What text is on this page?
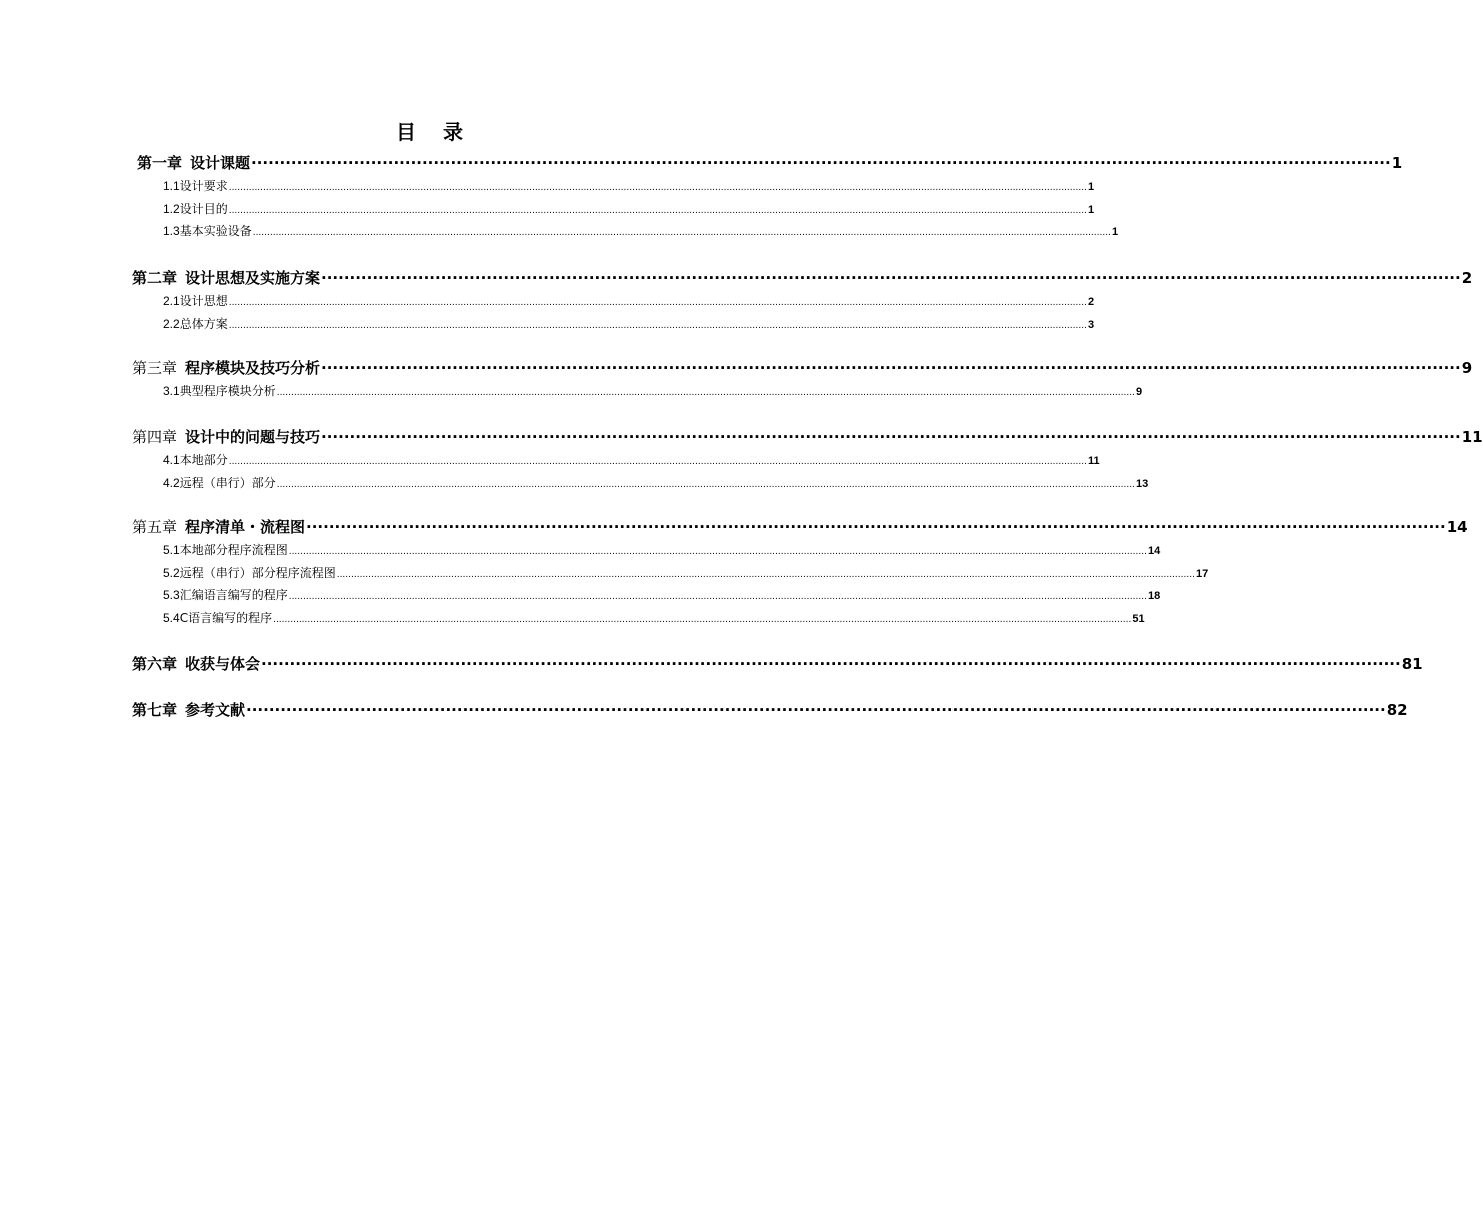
目 录
第一章 设计课题 ········································································································································································································ 1
1.1 设计要求 ............................................................................................................................................................................................................................................................................................................ 1
1.2 设计目的 ............................................................................................................................................................................................................................................................................................................ 1
1.3 基本实验设备 ............................................................................................................................................................................................................................................................................................................ 1
第二章 设计思想及实施方案 ········································································································································································································ 2
2.1 设计思想 ............................................................................................................................................................................................................................................................................................................ 2
2.2 总体方案 ............................................................................................................................................................................................................................................................................................................ 3
第三章 程序模块及技巧分析 ········································································································································································································ 9
3.1 典型程序模块分析 ............................................................................................................................................................................................................................................................................................................ 9
第四章 设计中的问题与技巧 ········································································································································································································ 11
4.1 本地部分 ............................................................................................................................................................................................................................................................................................................ 11
4.2 远程（串行）部分 ............................................................................................................................................................................................................................................................................................................ 13
第五章 程序清单・流程图 ········································································································································································································ 14
5.1 本地部分程序流程图 ............................................................................................................................................................................................................................................................................................................ 14
5.2 远程（串行）部分程序流程图 ............................................................................................................................................................................................................................................................................................................ 17
5.3 汇编语言编写的程序 ............................................................................................................................................................................................................................................................................................................ 18
5.4 C语言编写的程序 ............................................................................................................................................................................................................................................................................................................ 51
第六章 收获与体会 ········································································································································································································ 81
第七章 参考文献 ········································································································································································································ 82
